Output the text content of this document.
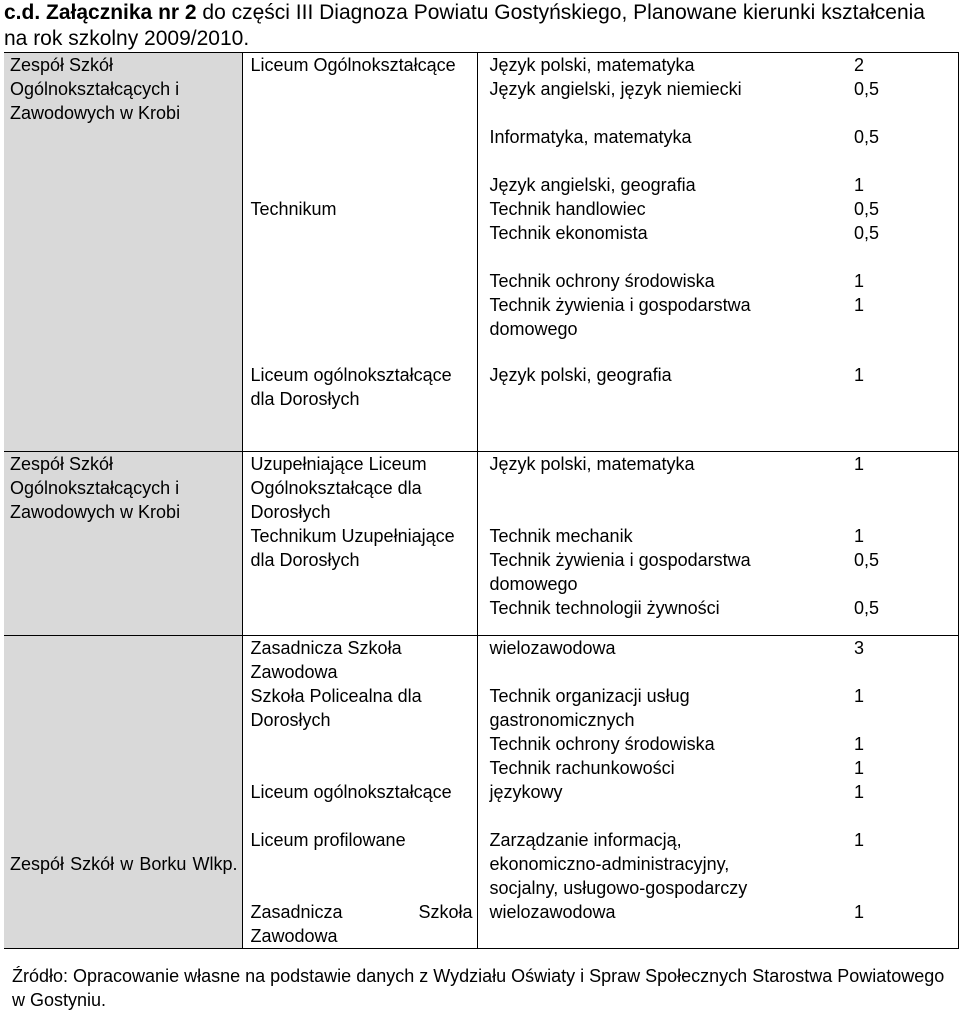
c.d. Załącznika nr 2 do części III Diagnoza Powiatu Gostyńskiego, Planowane kierunki kształcenia na rok szkolny 2009/2010.
Zespół Szkół Ogólnokształcących i Zawodowych w Krobi	Liceum Ogólnokształcące	Język polski, matematyka	2
		Język angielski, język niemiecki	0,5
		Informatyka, matematyka	0,5
		Język angielski, geografia	1
	Technikum	Technik handlowiec	0,5
		Technik ekonomista	0,5
		Technik ochrony środowiska	1
		Technik żywienia i gospodarstwa domowego	1
	Liceum ogólnokształcące dla Dorosłych	Język polski, geografia	1
Zespół Szkół Ogólnokształcących i Zawodowych w Krobi	Uzupełniające Liceum Ogólnokształcące dla Dorosłych	Język polski, matematyka	1
	Technikum Uzupełniające dla Dorosłych	Technik mechanik	1
		Technik żywienia i gospodarstwa domowego	0,5
		Technik technologii żywności	0,5

Zespół Szkół w Borku Wlkp.	Zasadnicza Szkoła Zawodowa	wielozawodowa	3
	Szkoła Policealna dla Dorosłych	Technik organizacji usług gastronomicznych	1
		Technik ochrony środowiska	1
		Technik rachunkowości	1
	Liceum ogólnokształcące	językowy	1
	Liceum profilowane	Zarządzanie informacją, ekonomiczno-administracyjny, socjalny, usługowo-gospodarczy	1

	Zasadnicza Szkoła Zawodowa	wielozawodowa	1
Źródło: Opracowanie własne na podstawie danych z Wydziału Oświaty i Spraw Społecznych Starostwa Powiatowego w Gostyniu.
